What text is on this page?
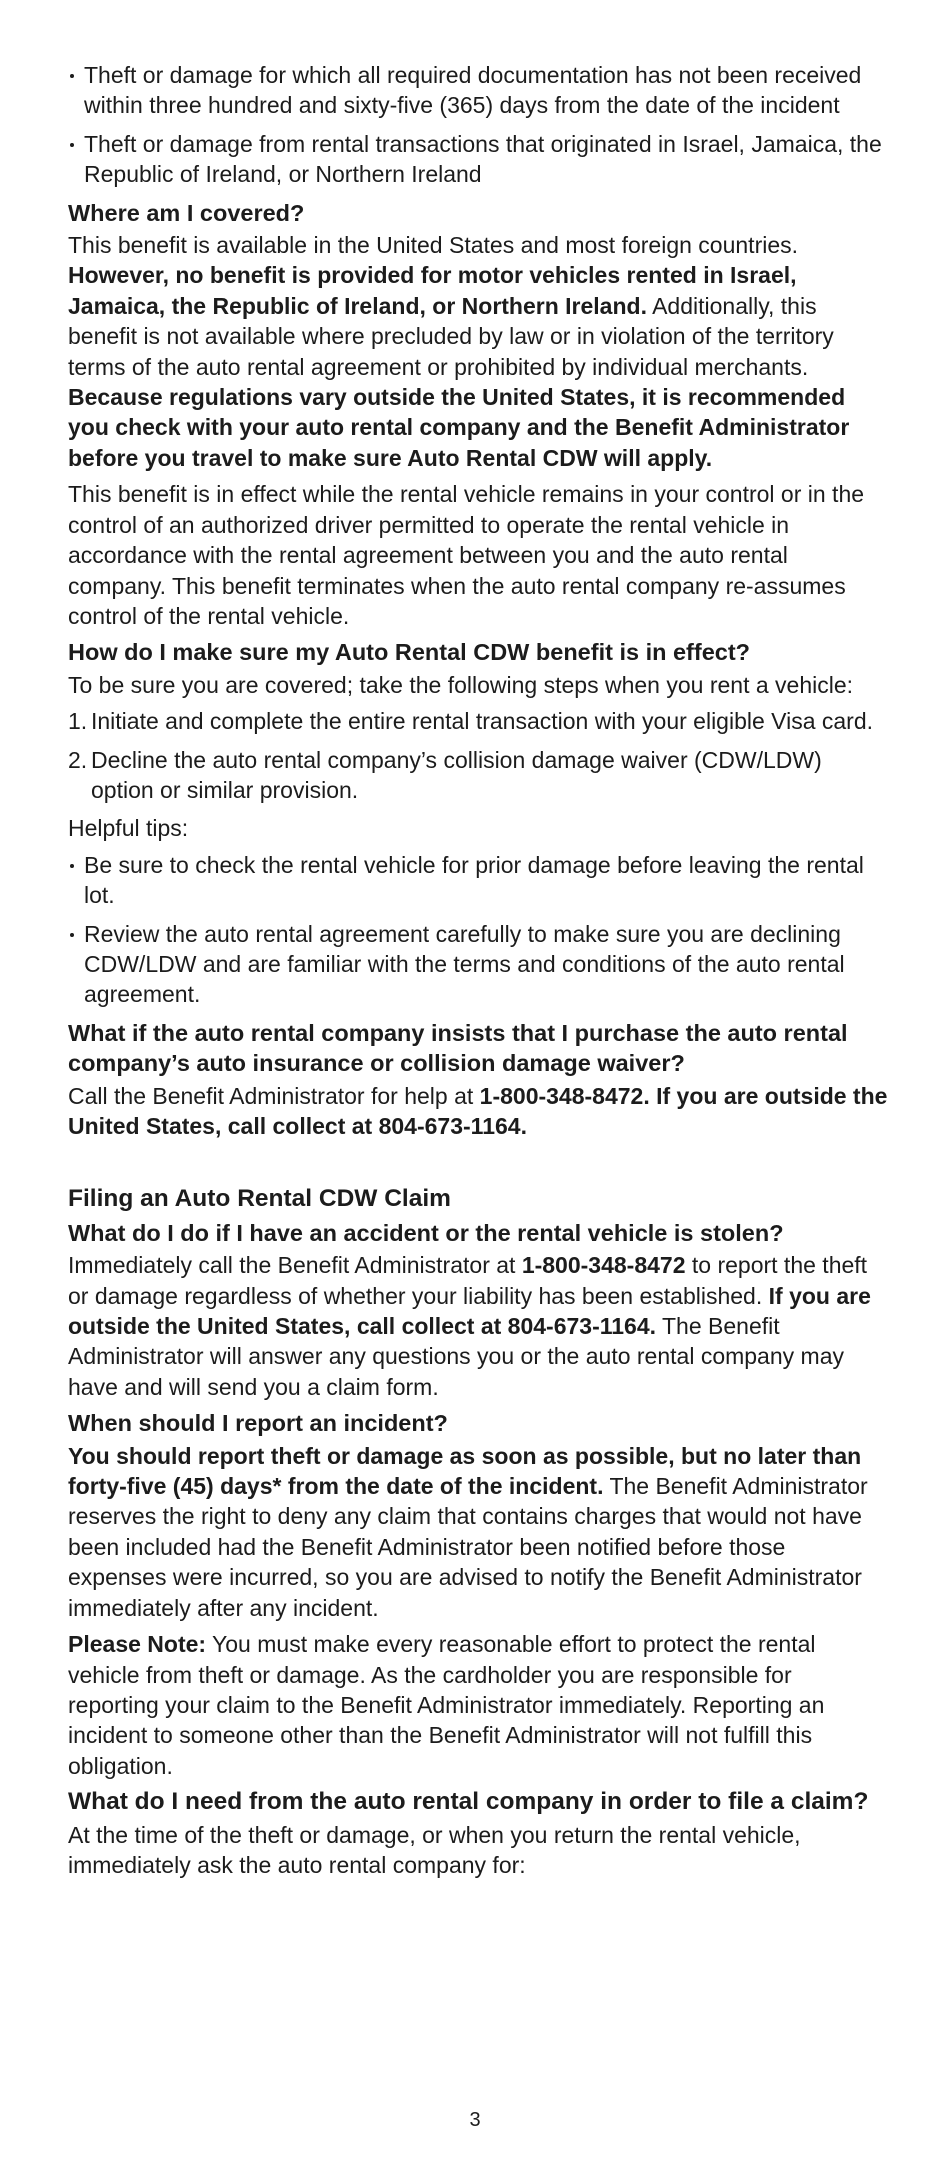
Theft or damage for which all required documentation has not been received within three hundred and sixty-five (365) days from the date of the incident
Theft or damage from rental transactions that originated in Israel, Jamaica, the Republic of Ireland, or Northern Ireland

Where am I covered?

This benefit is available in the United States and most foreign countries. However, no benefit is provided for motor vehicles rented in Israel, Jamaica, the Republic of Ireland, or Northern Ireland. Additionally, this benefit is not available where precluded by law or in violation of the territory terms of the auto rental agreement or prohibited by individual merchants. Because regulations vary outside the United States, it is recommended you check with your auto rental company and the Benefit Administrator before you travel to make sure Auto Rental CDW will apply.

This benefit is in effect while the rental vehicle remains in your control or in the control of an authorized driver permitted to operate the rental vehicle in accordance with the rental agreement between you and the auto rental company. This benefit terminates when the auto rental company re-assumes control of the rental vehicle.

How do I make sure my Auto Rental CDW benefit is in effect?

To be sure you are covered; take the following steps when you rent a vehicle:

1. Initiate and complete the entire rental transaction with your eligible Visa card.
2. Decline the auto rental company’s collision damage waiver (CDW/LDW) option or similar provision.

Helpful tips:

Be sure to check the rental vehicle for prior damage before leaving the rental lot.
Review the auto rental agreement carefully to make sure you are declining CDW/LDW and are familiar with the terms and conditions of the auto rental agreement.

What if the auto rental company insists that I purchase the auto rental company’s auto insurance or collision damage waiver?

Call the Benefit Administrator for help at 1-800-348-8472. If you are outside the United States, call collect at 804-673-1164.

Filing an Auto Rental CDW Claim

What do I do if I have an accident or the rental vehicle is stolen?

Immediately call the Benefit Administrator at 1-800-348-8472 to report the theft or damage regardless of whether your liability has been established. If you are outside the United States, call collect at 804-673-1164. The Benefit Administrator will answer any questions you or the auto rental company may have and will send you a claim form.

When should I report an incident?

You should report theft or damage as soon as possible, but no later than forty-five (45) days* from the date of the incident. The Benefit Administrator reserves the right to deny any claim that contains charges that would not have been included had the Benefit Administrator been notified before those expenses were incurred, so you are advised to notify the Benefit Administrator immediately after any incident.

Please Note: You must make every reasonable effort to protect the rental vehicle from theft or damage. As the cardholder you are responsible for reporting your claim to the Benefit Administrator immediately. Reporting an incident to someone other than the Benefit Administrator will not fulfill this obligation.

What do I need from the auto rental company in order to file a claim?

At the time of the theft or damage, or when you return the rental vehicle, immediately ask the auto rental company for:

3
